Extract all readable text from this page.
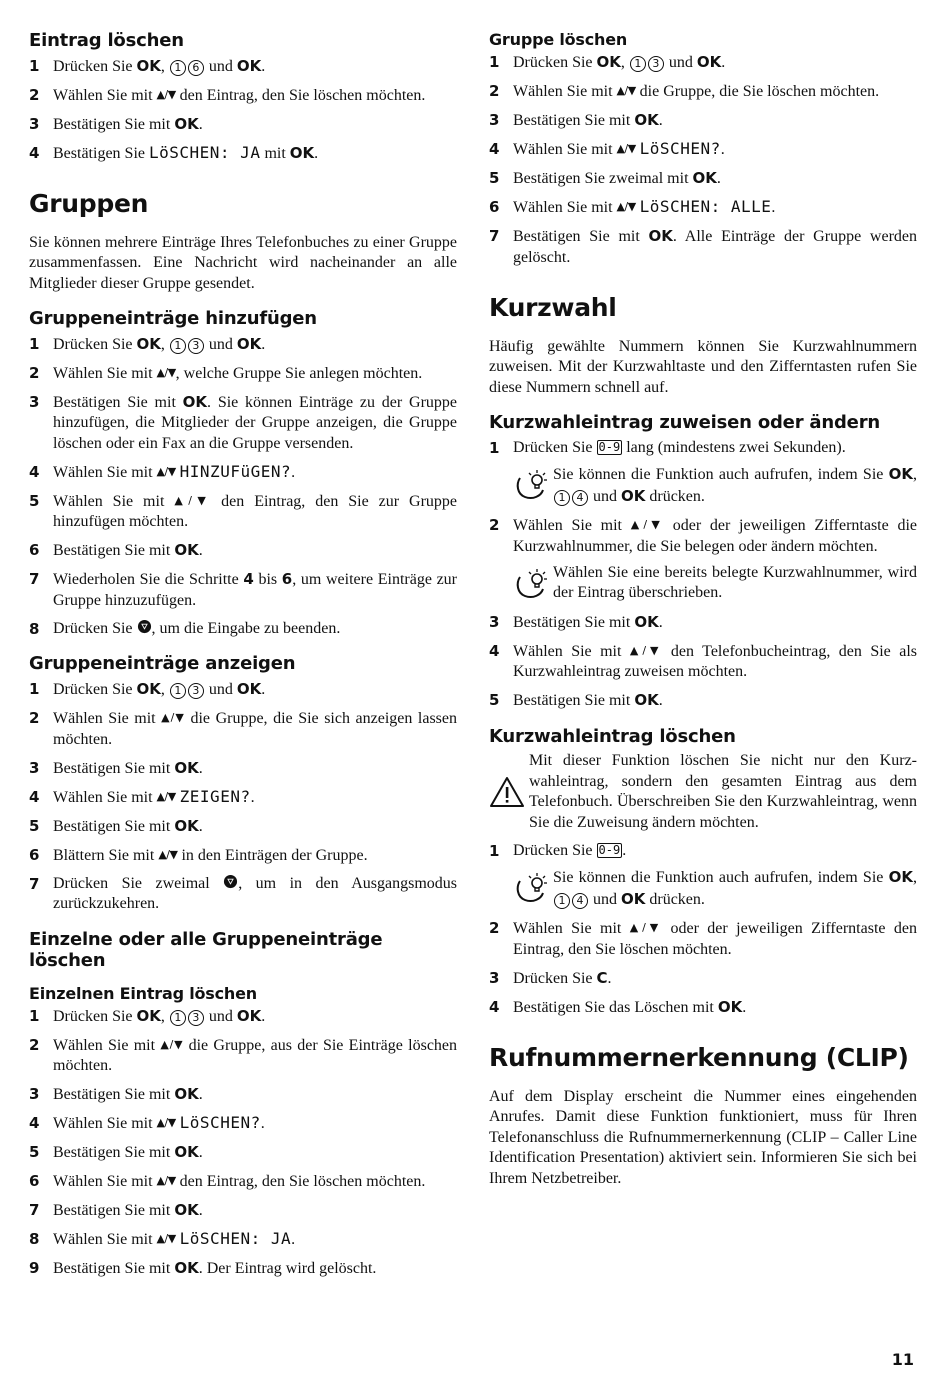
Eintrag löschen
1 Drücken Sie OK, 1 6 und OK.
2 Wählen Sie mit ▲/▼ den Eintrag, den Sie löschen möchten.
3 Bestätigen Sie mit OK.
4 Bestätigen Sie LöSCHEN: JA mit OK.
Gruppen

Sie können mehrere Einträge Ihres Telefonbuches zu einer Gruppe zusammenfassen. Eine Nachricht wird nacheinander an alle Mitglieder dieser Gruppe gesendet.

Gruppeneinträge hinzufügen
1 Drücken Sie OK, 1 3 und OK.
2 Wählen Sie mit ▲/▼, welche Gruppe Sie anlegen möchten.
3 Bestätigen Sie mit OK. Sie können Einträge zu der Gruppe hinzufügen, die Mitglieder der Gruppe anzeigen, die Gruppe löschen oder ein Fax an die Gruppe versenden.
4 Wählen Sie mit ▲/▼ HINZUFüGEN?.
5 Wählen Sie mit ▲/▼ den Eintrag, den Sie zur Gruppe hinzufügen möchten.
6 Bestätigen Sie mit OK.
7 Wiederholen Sie die Schritte 4 bis 6, um weitere Einträge zur Gruppe hinzuzufügen.
8 Drücken Sie , um die Eingabe zu beenden.
Gruppeneinträge anzeigen
1 Drücken Sie OK, 1 3 und OK.
2 Wählen Sie mit ▲/▼ die Gruppe, die Sie sich anzeigen lassen möchten.
3 Bestätigen Sie mit OK.
4 Wählen Sie mit ▲/▼ ZEIGEN?.
5 Bestätigen Sie mit OK.
6 Blättern Sie mit ▲/▼ in den Einträgen der Gruppe.
7 Drücken Sie zweimal , um in den Ausgangsmodus zurückzukehren.
Einzelne oder alle Gruppeneinträge löschen
Einzelnen Eintrag löschen
1 Drücken Sie OK, 1 3 und OK.
2 Wählen Sie mit ▲/▼ die Gruppe, aus der Sie Einträge löschen möchten.
3 Bestätigen Sie mit OK.
4 Wählen Sie mit ▲/▼ LöSCHEN?.
5 Bestätigen Sie mit OK.
6 Wählen Sie mit ▲/▼ den Eintrag, den Sie löschen möchten.
7 Bestätigen Sie mit OK.
8 Wählen Sie mit ▲/▼ LöSCHEN: JA.
9 Bestätigen Sie mit OK. Der Eintrag wird gelöscht.
Gruppe löschen
1 Drücken Sie OK, 1 3 und OK.
2 Wählen Sie mit ▲/▼ die Gruppe, die Sie löschen möchten.
3 Bestätigen Sie mit OK.
4 Wählen Sie mit ▲/▼ LöSCHEN?.
5 Bestätigen Sie zweimal mit OK.
6 Wählen Sie mit ▲/▼ LöSCHEN: ALLE.
7 Bestätigen Sie mit OK. Alle Einträge der Gruppe werden gelöscht.
Kurzwahl

Häufig gewählte Nummern können Sie Kurzwahlnummern zuweisen. Mit der Kurzwahltaste und den Zifferntasten rufen Sie diese Nummern schnell auf.

Kurzwahleintrag zuweisen oder ändern
1 Drücken Sie 0-9 lang (mindestens zwei Sekunden).
Sie können die Funktion auch aufrufen, indem Sie OK, 1 4 und OK drücken.
2 Wählen Sie mit ▲/▼ oder der jeweiligen Zifferntaste die Kurzwahlnummer, die Sie belegen oder ändern möchten.
Wählen Sie eine bereits belegte Kurzwahlnummer, wird der Eintrag überschrieben.
3 Bestätigen Sie mit OK.
4 Wählen Sie mit ▲/▼ den Telefonbucheintrag, den Sie als Kurzwahleintrag zuweisen möchten.
5 Bestätigen Sie mit OK.
Kurzwahleintrag löschen
Mit dieser Funktion löschen Sie nicht nur den Kurzwahleintrag, sondern den gesamten Eintrag aus dem Telefonbuch. Überschreiben Sie den Kurzwahleintrag, wenn Sie die Zuweisung ändern möchten.
1 Drücken Sie 0-9 .
Sie können die Funktion auch aufrufen, indem Sie OK, 1 4 und OK drücken.
2 Wählen Sie mit ▲/▼ oder der jeweiligen Zifferntaste den Eintrag, den Sie löschen möchten.
3 Drücken Sie C.
4 Bestätigen Sie das Löschen mit OK.
Rufnummernerkennung (CLIP)

Auf dem Display erscheint die Nummer eines eingehenden Anrufes. Damit diese Funktion funktioniert, muss für Ihren Telefonanschluss die Rufnummernerkennung (CLIP – Caller Line Identification Presentation) aktiviert sein. Informieren Sie sich bei Ihrem Netzbetreiber.

11
